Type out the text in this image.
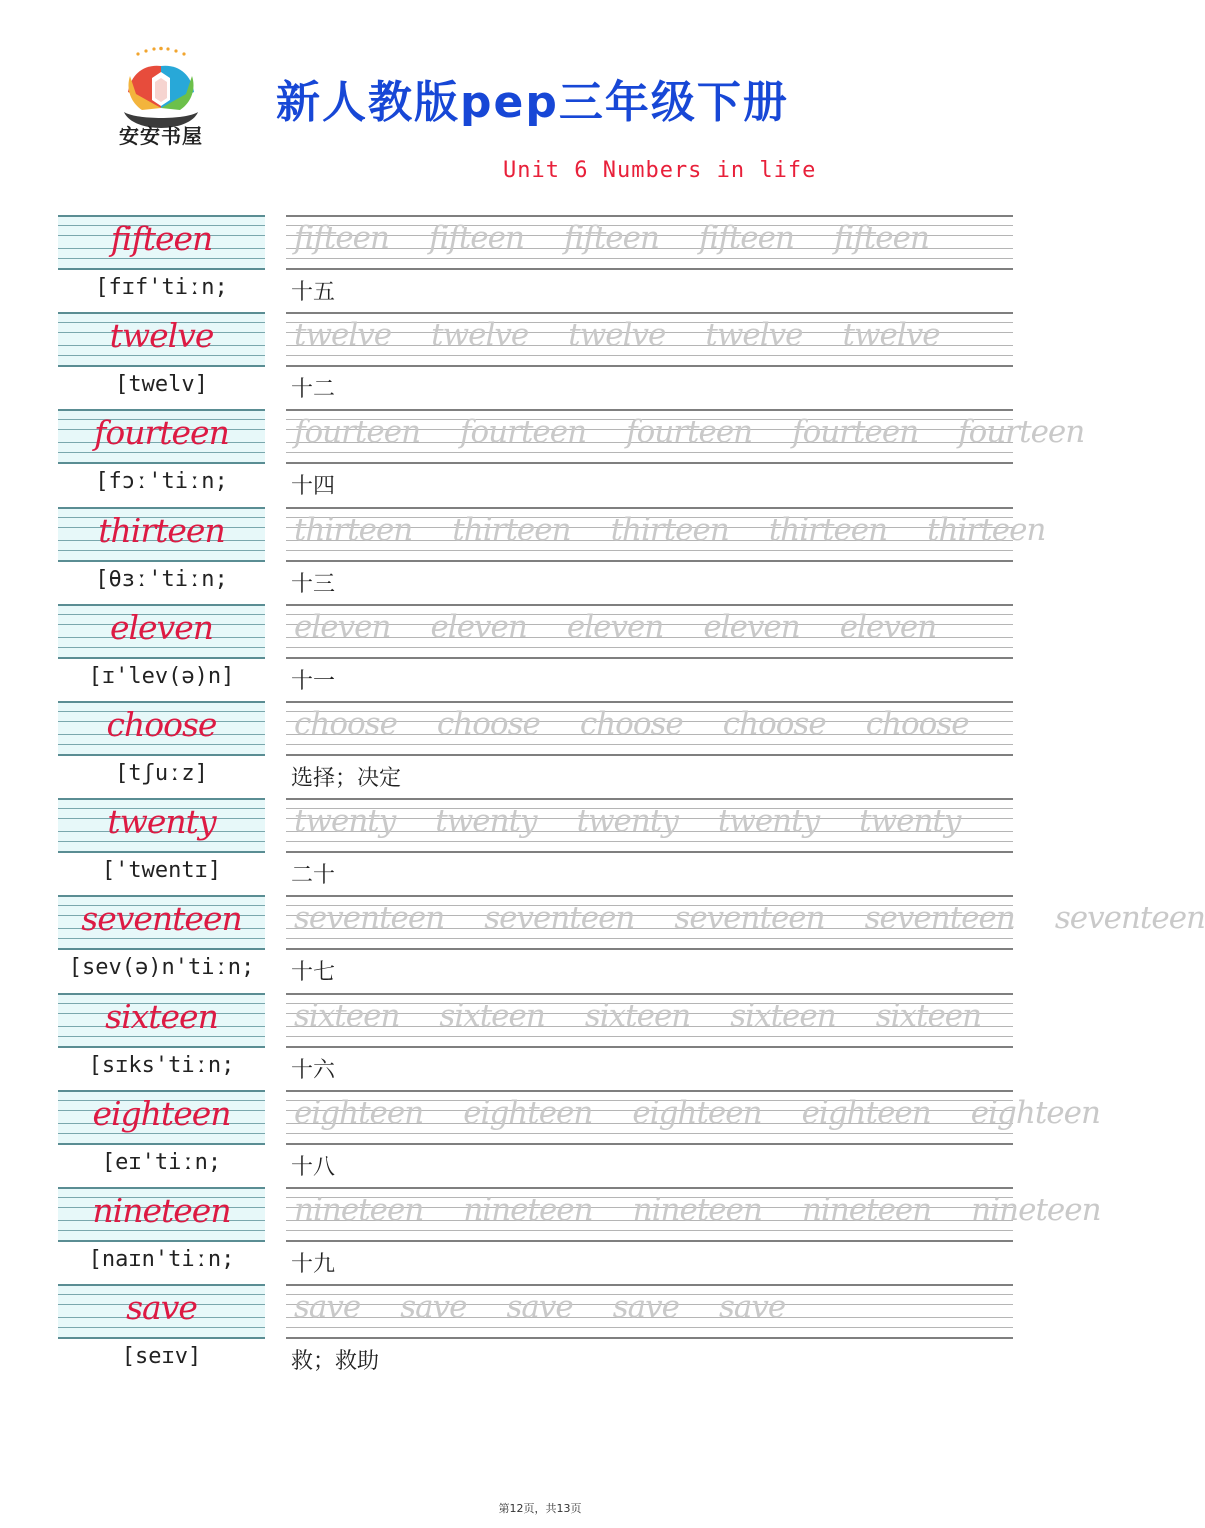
安安书屋
新人教版pep三年级下册
Unit 6 Numbers in life
fifteen	fifteen fifteen fifteen fifteen fifteen
[fɪf'tiːn;	十五
twelve	twelve twelve twelve twelve twelve
[twelv]	十二
fourteen	fourteen fourteen fourteen fourteen fourteen
[fɔː'tiːn;	十四
thirteen	thirteen thirteen thirteen thirteen thirteen
[θɜː'tiːn;	十三
eleven	eleven eleven eleven eleven eleven
[ɪ'lev(ə)n]	十一
choose	choose choose choose choose choose
[tʃuːz]	选择；决定
twenty	twenty twenty twenty twenty twenty
['twentɪ]	二十
seventeen	seventeen seventeen seventeen seventeen seventeen
[sev(ə)n'tiːn;	十七
sixteen	sixteen sixteen sixteen sixteen sixteen
[sɪks'tiːn;	十六
eighteen	eighteen eighteen eighteen eighteen eighteen
[eɪ'tiːn;	十八
nineteen	nineteen nineteen nineteen nineteen nineteen
[naɪn'tiːn;	十九
save	save save save save save
[seɪv]	救；救助
第12页，共13页
